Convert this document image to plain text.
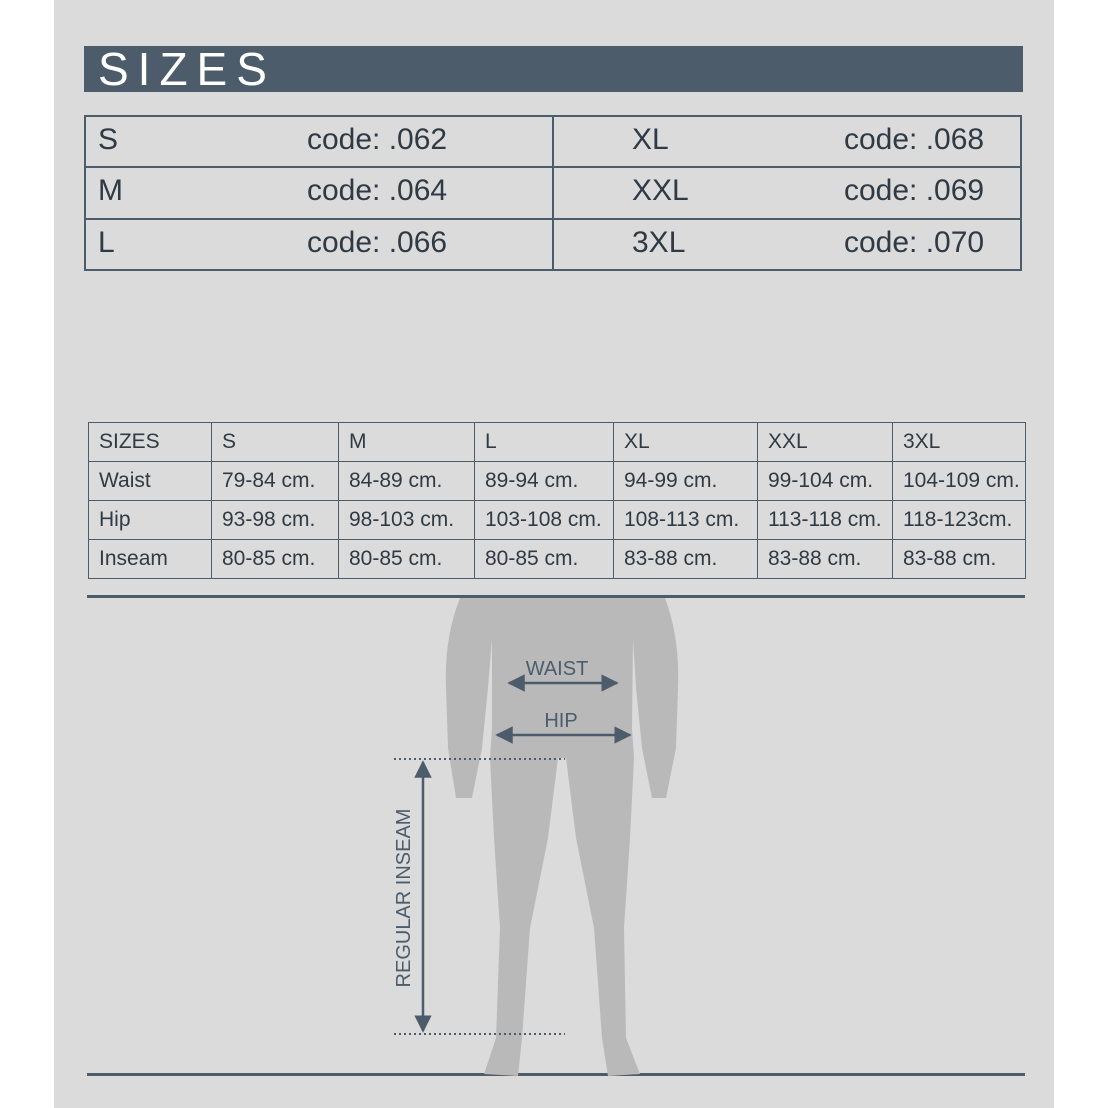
SIZES
S code: .062	XL code: .068

M code: .064	XXL code: .069

L code: .066	3XL code: .070
SIZES	S	M	L	XL	XXL	3XL
Waist	79-84 cm.	84-89 cm.	89-94 cm.	94-99 cm.	99-104 cm.	104-109 cm.
Hip	93-98 cm.	98-103 cm.	103-108 cm.	108-113 cm.	113-118 cm.	118-123cm.
Inseam	80-85 cm.	80-85 cm.	80-85 cm.	83-88 cm.	83-88 cm.	83-88 cm.
WAIST
HIP
REGULAR INSEAM
